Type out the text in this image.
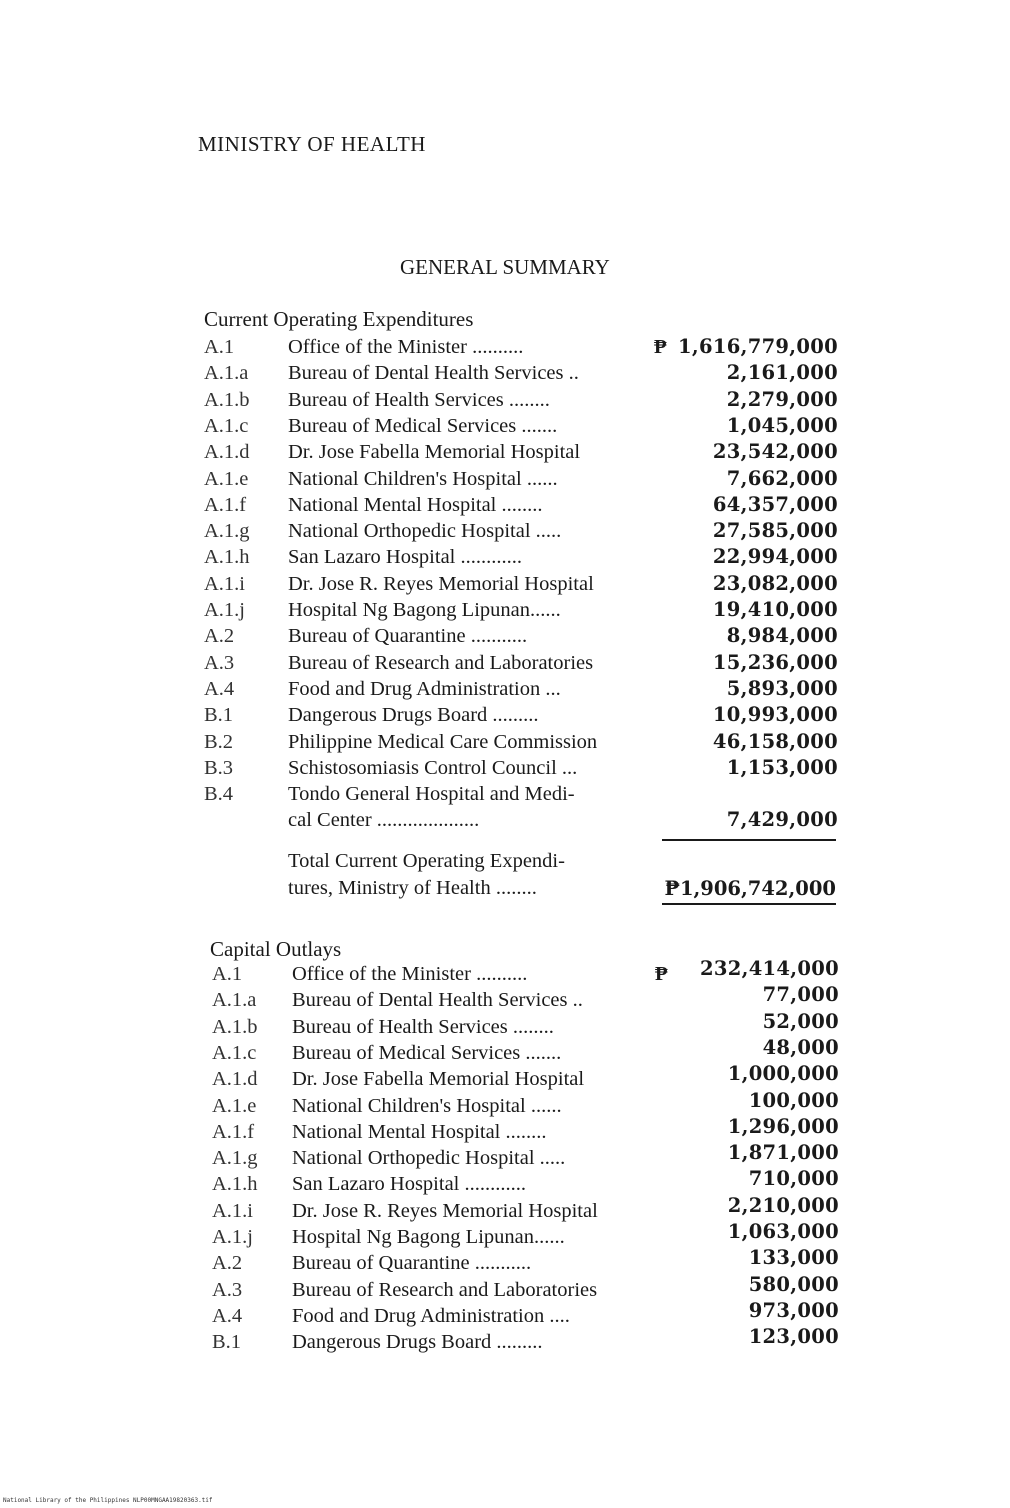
MINISTRY OF HEALTH
GENERAL SUMMARY
Current Operating Expenditures
A.1	Office of the Minister ..........	₱ 1,616,779,000
A.1.a Bureau of Dental Health Services ..	2,161,000
A.1.b Bureau of Health Services ........	2,279,000
A.1.c Bureau of Medical Services .......	1,045,000
A.1.d Dr. Jose Fabella Memorial Hospital	23,542,000
A.1.e National Children's Hospital ......	7,662,000
A.1.f National Mental Hospital ........	64,357,000
A.1.g National Orthopedic Hospital .....	27,585,000
A.1.h San Lazaro Hospital ............	22,994,000
A.1.i Dr. Jose R. Reyes Memorial Hospital	23,082,000
A.1.j Hospital Ng Bagong Lipunan......	19,410,000
A.2	Bureau of Quarantine ...........	8,984,000
A.3	Bureau of Research and Laboratories	15,236,000
A.4	Food and Drug Administration ...	5,893,000
B.1	Dangerous Drugs Board .........	10,993,000
B.2	Philippine Medical Care Commission	46,158,000
B.3	Schistosomiasis Control Council ...	1,153,000
B.4	Tondo General Hospital and Medi-
cal Center ....................	7,429,000
Total Current Operating Expendi-
tures, Ministry of Health ........	₱1,906,742,000
Capital Outlays
A.1 Office of the Minister ..........	₱ 232,414,000
A.1.a Bureau of Dental Health Services ..	77,000
A.1.b Bureau of Health Services ........	52,000
A.1.c Bureau of Medical Services .......	48,000
A.1.d Dr. Jose Fabella Memorial Hospital	1,000,000
A.1.e National Children's Hospital ......	100,000
A.1.f National Mental Hospital ........	1,296,000
A.1.g National Orthopedic Hospital .....	1,871,000
A.1.h San Lazaro Hospital ............	710,000
A.1.i Dr. Jose R. Reyes Memorial Hospital	2,210,000
A.1.j Hospital Ng Bagong Lipunan......	1,063,000
A.2 Bureau of Quarantine ...........	133,000
A.3 Bureau of Research and Laboratories	580,000
A.4 Food and Drug Administration ....	973,000
B.1 Dangerous Drugs Board .........	123,000
National Library of the Philippines NLP00MNGAA19820363.tif
